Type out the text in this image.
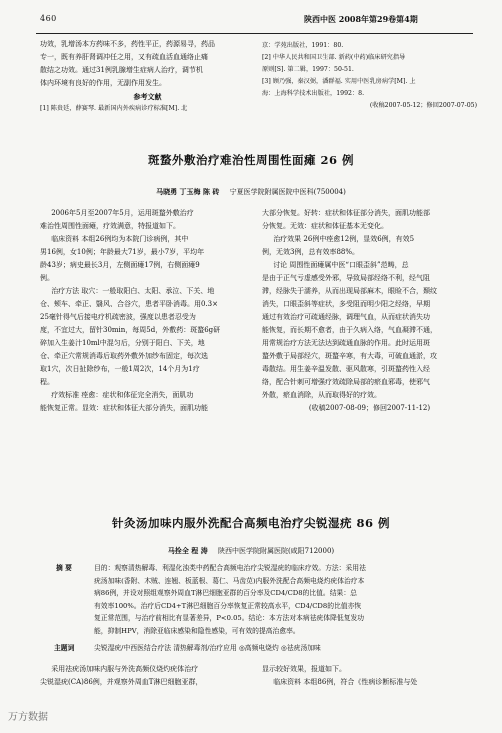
460	陕西中医 2008年第29卷第4期

功效，乳增汤本方药味不多，药性平正，药源易寻，药品

专一，既有养肝肾调冲任之用，又有疏血活血通络止痛

散结之功效。通过31例乳腺增生症病人治疗，调节机

体内环境有良好的作用，无副作用发生。

参考文献

[1] 陈贵廷，薛赛琴. 最新国内外疾病诊疗标准[M]. 北

京：学苑出版社，1991：80.

[2] 中华人民共和国卫生部. 新药(中药)临床研究指导

原则[S]. 第二辑，1997：50-51.

[3] 顾乃强，秦汉弼，潘群福. 实用中医乳房病学[M]. 上

海：上海科学技术出版社，1992：8.

(收稿2007-05-12；修回2007-07-05)

斑蝥外敷治疗难治性周围性面瘫 26 例
马晓勇 丁玉梅 陈 砖 宁夏医学院附属医院中医科(750004)

2006年5月至2007年5月，运用斑蝥外敷治疗

难治性周围性面瘫，疗效满意，特报道如下。

临床资料 本组26例均为本院门诊病例，其中

男16例，女10例；年龄最大71岁，最小7岁，平均年

龄43岁；病史最长3月，左侧面瘫17例，右侧面瘫9

例。

治疗方法 取穴：一般取阳白、太阳、承泣、下关、地

仓、颊车、牵正、翳风、合谷穴，患者平卧消毒。用0.3×

25毫针得气后接电疗机疏密波，强度以患者忍受为

度，不宜过大，留针30min，每周5d，外敷药：斑蝥6g研

碎加入生姜汁10ml中混匀后，分别于阳白、下关，地

仓、牵正穴常规消毒后取药外敷外加纱布固定，每次选

取1穴，次日扯除纱布，一般1周2次，14个月为1疗

程。

疗效标准 痊愈：症状和体征完全消失，面肌功

能恢复正常。显效：症状和体征大部分消失，面肌功能

大部分恢复。好转：症状和体征部分消失，面肌功能部

分恢复。无效：症状和体征基本无变化。

治疗效果 26例中痊愈12例，显效6例，有效5

例，无效3例，总有效率88%。

讨论 周围性面瘫属中医“口眼歪斜”范畴，总

是由于正气亏虚感受外邪，导致局部经络不利，经气阻

滞，经脉失于濡养，从而出现局部麻木，眼睑不合，颞纹

消失，口眼歪斜等症状，多受阻而明少阳之经络，早期

通过有效治疗可疏通经脉，调理气血，从而症状消失功

能恢复，而长期不愈者，由于久病入络，气血凝滞不通，

用常规治疗方法无法达到疏通血脉的作用。此时运用斑

蝥外敷于局部经穴，斑蝥辛寒，有大毒，可破血通淤，攻

毒散结。用生姜辛温发散、驱风散寒，引斑蝥药性入经

络，配合针刺可增强疗效疏除局部的瘀血邪毒，使邪气

外散，瘀血消除，从而取得好的疗效。

(收稿2007-08-09；修回2007-11-12)

针灸汤加味内服外洗配合高频电治疗尖锐湿疣 86 例
马拴全 程 涛 陕西中医学院附属医院(咸阳712000)
摘 要	目的：观察清热解毒、利湿化浊类中药配合高频电治疗尖锐湿疣的临床疗效。方法：采用祛

疣汤加味(香附、木贼、连翘、板蓝根、葛仁、马齿苋)内服外洗配合高频电烧灼疣体治疗本

病86例，并设对照组观察外周血T淋巴细胞亚群的百分率及CD4/CD8的比值。结果：总

有效率100%。治疗后CD4+T淋巴细胞百分率恢复正常较高水平，CD4/CD8的比值亦恢

复正常范围，与治疗前相比有显著差异，P<0.05。结论：本方法对本病祛疣体降低复发功

能，抑制HPV，消除亚临床感染和隐性感染，可有效的提高治愈率。

主题词	尖锐湿疣/中西医结合疗法 清热解毒剂/治疗应用 ◎高频电烧灼 ◎祛疣汤加味

采用祛疣汤加味内服与外洗高频仪烧灼疣体治疗

尖锐湿疣(CA)86例，并观察外周血T淋巴细胞亚群，

显示较好效果，报道如下。

临床资料 本组86例，符合《性病诊断标准与处

万方数据
